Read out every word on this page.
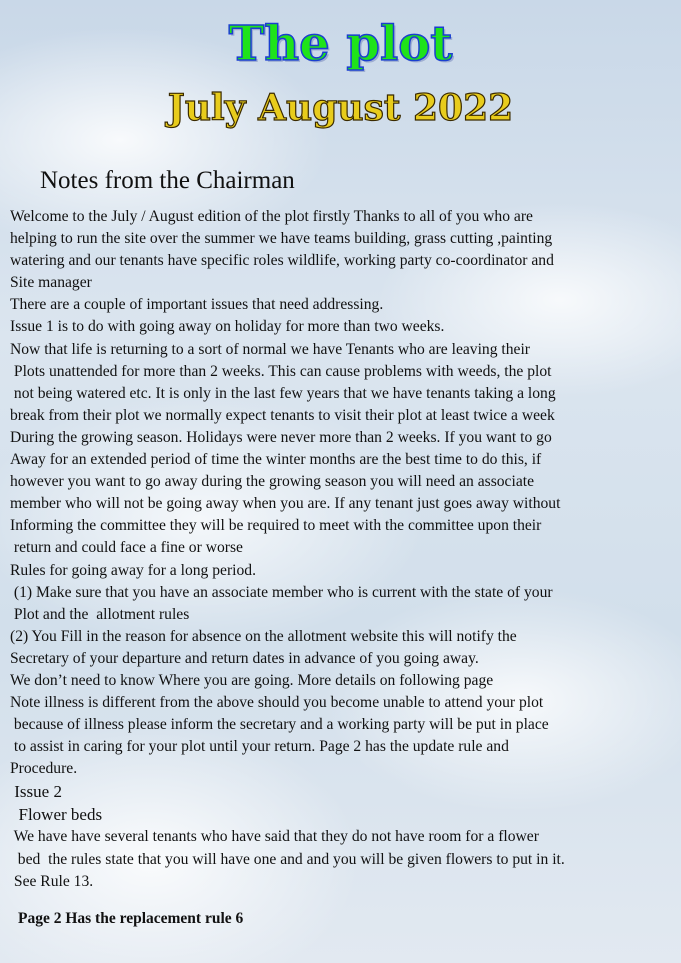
The plot
July August 2022
Notes from the Chairman

Welcome to the July / August edition of the plot firstly Thanks to all of you who are

helping to run the site over the summer we have teams building, grass cutting ,painting

watering and our tenants have specific roles wildlife, working party co-coordinator and

Site manager

There are a couple of important issues that need addressing.

Issue 1 is to do with going away on holiday for more than two weeks.

Now that life is returning to a sort of normal we have Tenants who are leaving their

Plots unattended for more than 2 weeks. This can cause problems with weeds, the plot

not being watered etc. It is only in the last few years that we have tenants taking a long

break from their plot we normally expect tenants to visit their plot at least twice a week

During the growing season. Holidays were never more than 2 weeks. If you want to go

Away for an extended period of time the winter months are the best time to do this, if

however you want to go away during the growing season you will need an associate

member who will not be going away when you are. If any tenant just goes away without

Informing the committee they will be required to meet with the committee upon their

return and could face a fine or worse

Rules for going away for a long period.

(1) Make sure that you have an associate member who is current with the state of your

Plot and the  allotment rules

(2) You Fill in the reason for absence on the allotment website this will notify the

Secretary of your departure and return dates in advance of you going away.

We don’t need to know Where you are going. More details on following page

Note illness is different from the above should you become unable to attend your plot

because of illness please inform the secretary and a working party will be put in place

to assist in caring for your plot until your return. Page 2 has the update rule and

Procedure.

Issue 2

Flower beds

We have have several tenants who have said that they do not have room for a flower

bed  the rules state that you will have one and and you will be given flowers to put in it.

See Rule 13.

Page 2 Has the replacement rule 6
